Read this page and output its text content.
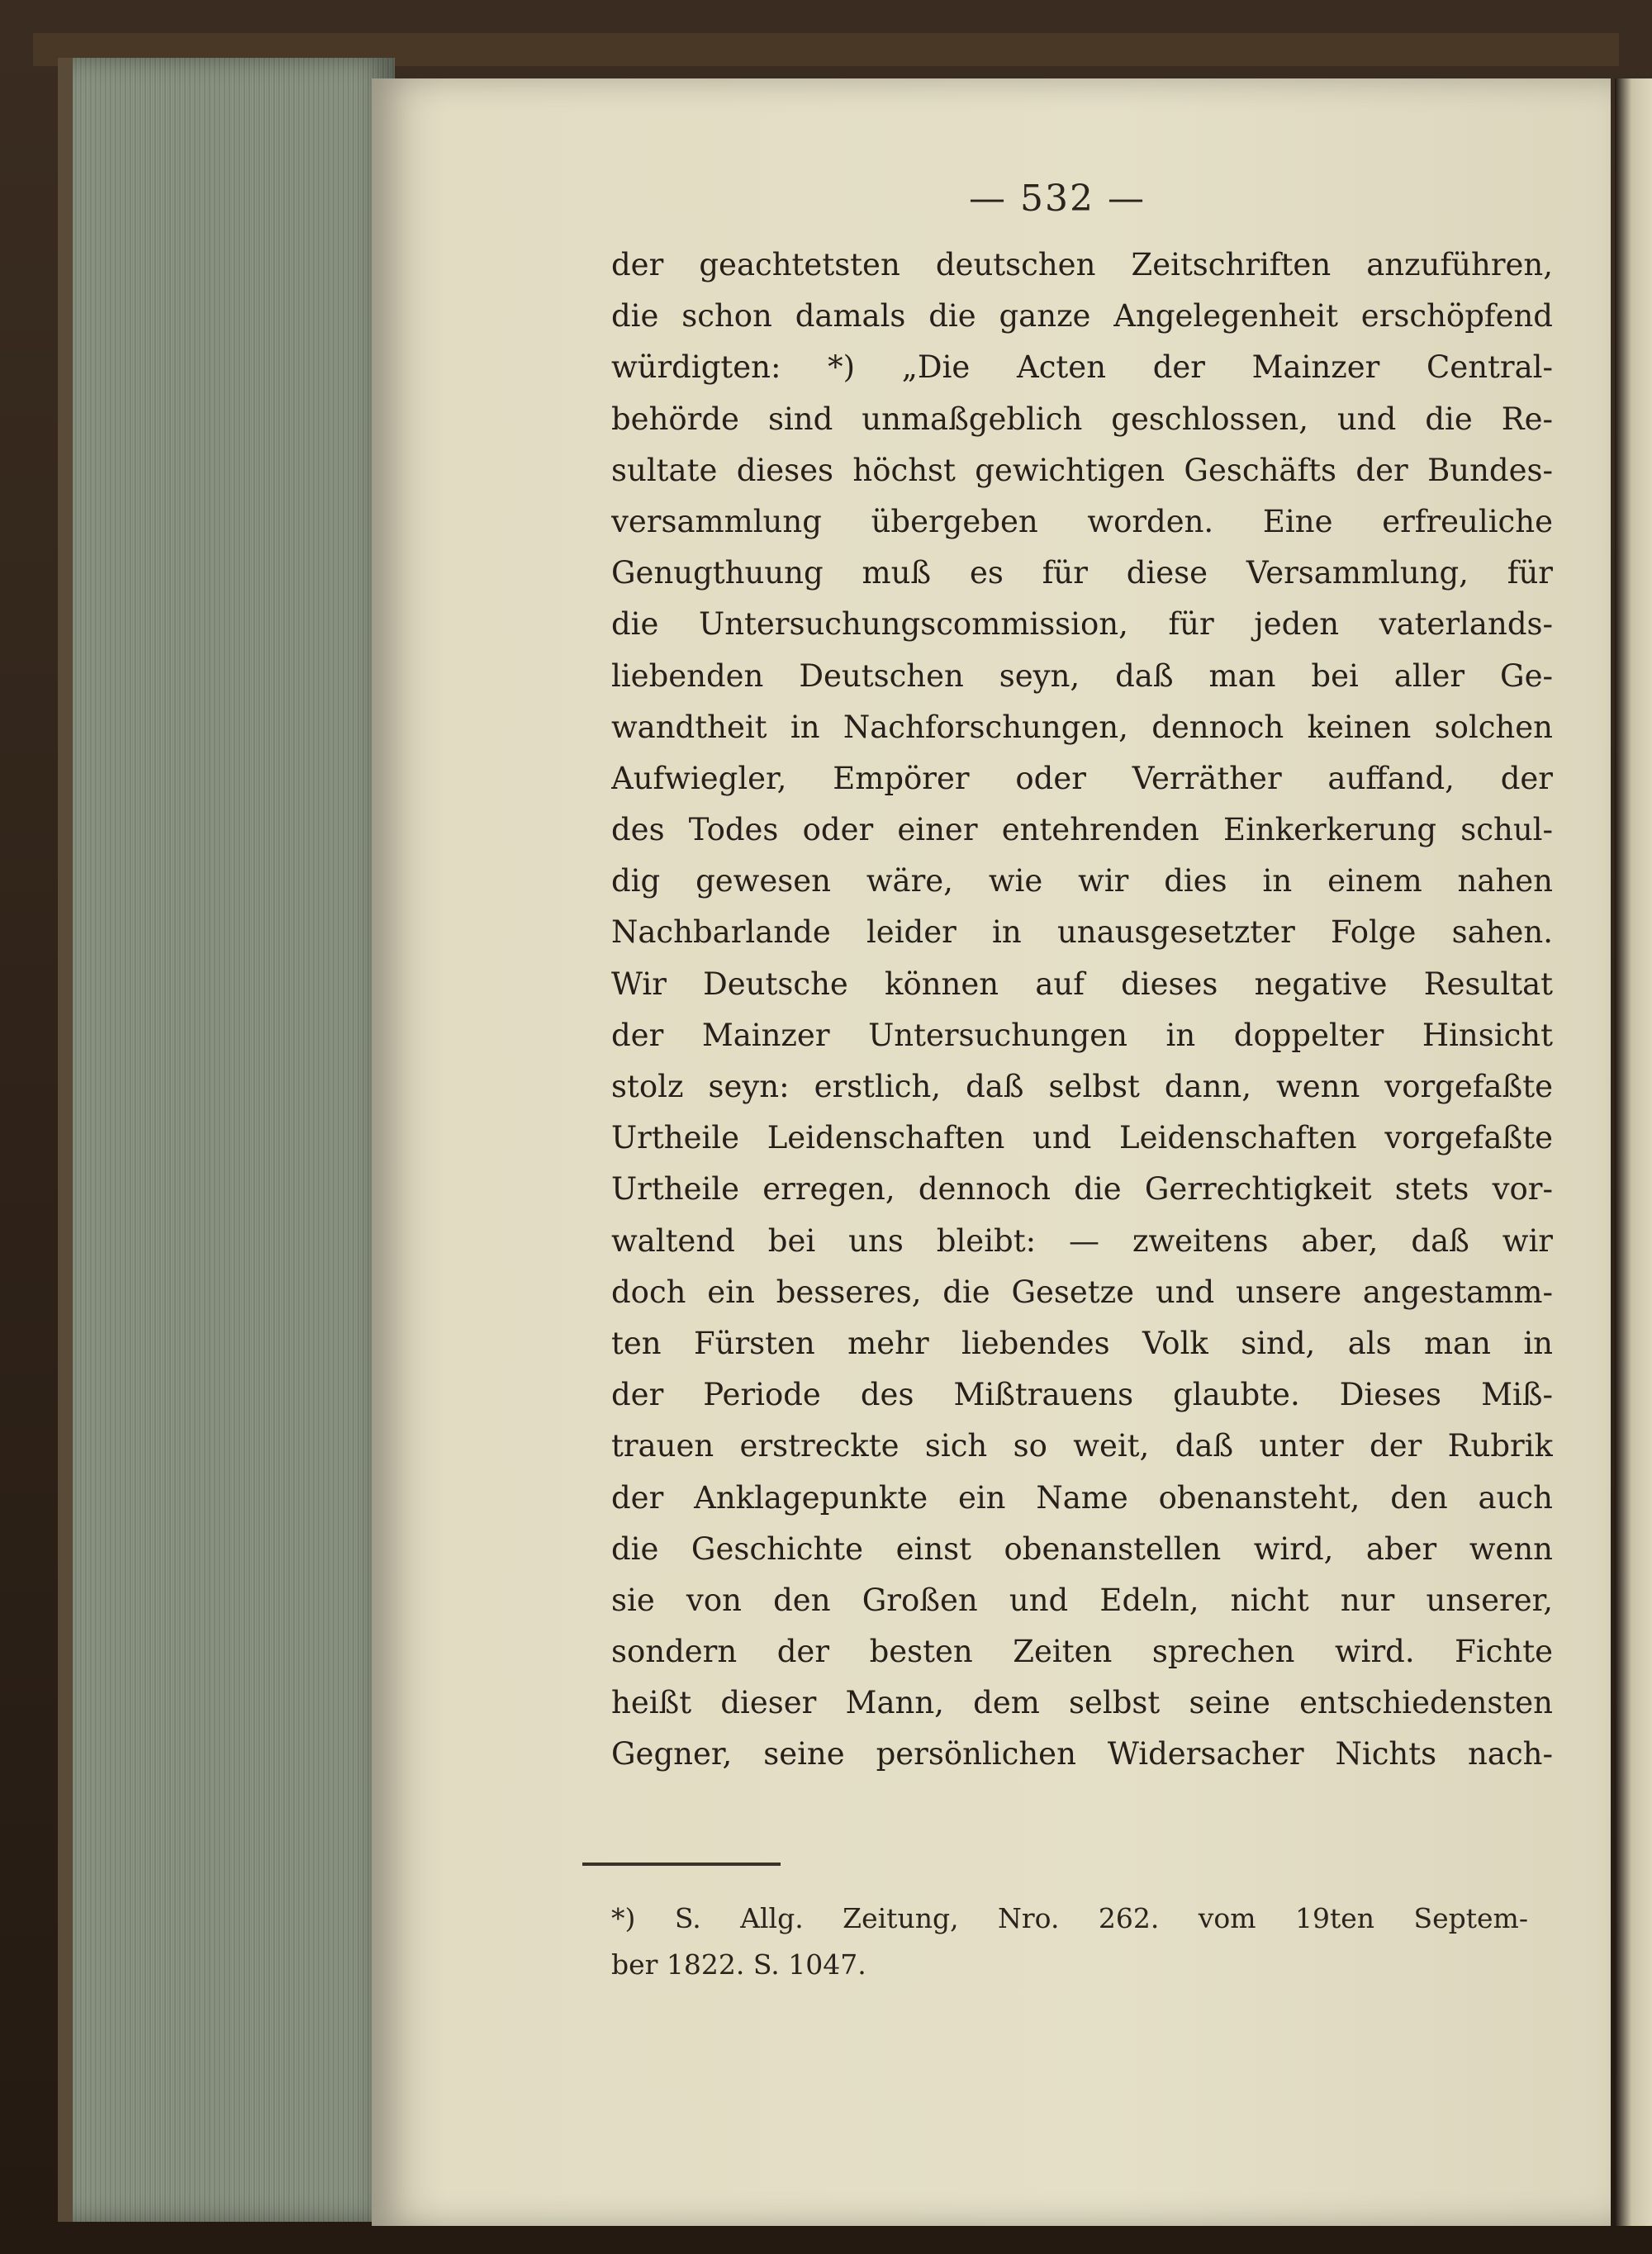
— 532 —
der geachtetsten deutschen Zeitschriften anzuführen,
die schon damals die ganze Angelegenheit erschöpfend
würdigten: *) „Die Acten der Mainzer Central-
behörde sind unmaßgeblich geschlossen, und die Re-
sultate dieses höchst gewichtigen Geschäfts der Bundes-
versammlung übergeben worden. Eine erfreuliche
Genugthuung muß es für diese Versammlung, für
die Untersuchungscommission, für jeden vaterlands-
liebenden Deutschen seyn, daß man bei aller Ge-
wandtheit in Nachforschungen, dennoch keinen solchen
Aufwiegler, Empörer oder Verräther auffand, der
des Todes oder einer entehrenden Einkerkerung schul-
dig gewesen wäre, wie wir dies in einem nahen
Nachbarlande leider in unausgesetzter Folge sahen.
Wir Deutsche können auf dieses negative Resultat
der Mainzer Untersuchungen in doppelter Hinsicht
stolz seyn: erstlich, daß selbst dann, wenn vorgefaßte
Urtheile Leidenschaften und Leidenschaften vorgefaßte
Urtheile erregen, dennoch die Gerrechtigkeit stets vor-
waltend bei uns bleibt: — zweitens aber, daß wir
doch ein besseres, die Gesetze und unsere angestamm-
ten Fürsten mehr liebendes Volk sind, als man in
der Periode des Mißtrauens glaubte. Dieses Miß-
trauen erstreckte sich so weit, daß unter der Rubrik
der Anklagepunkte ein Name obenansteht, den auch
die Geschichte einst obenanstellen wird, aber wenn
sie von den Großen und Edeln, nicht nur unserer,
sondern der besten Zeiten sprechen wird. Fichte
heißt dieser Mann, dem selbst seine entschiedensten
Gegner, seine persönlichen Widersacher Nichts nach-
*) S. Allg. Zeitung, Nro. 262. vom 19ten Septem-
ber 1822. S. 1047.
